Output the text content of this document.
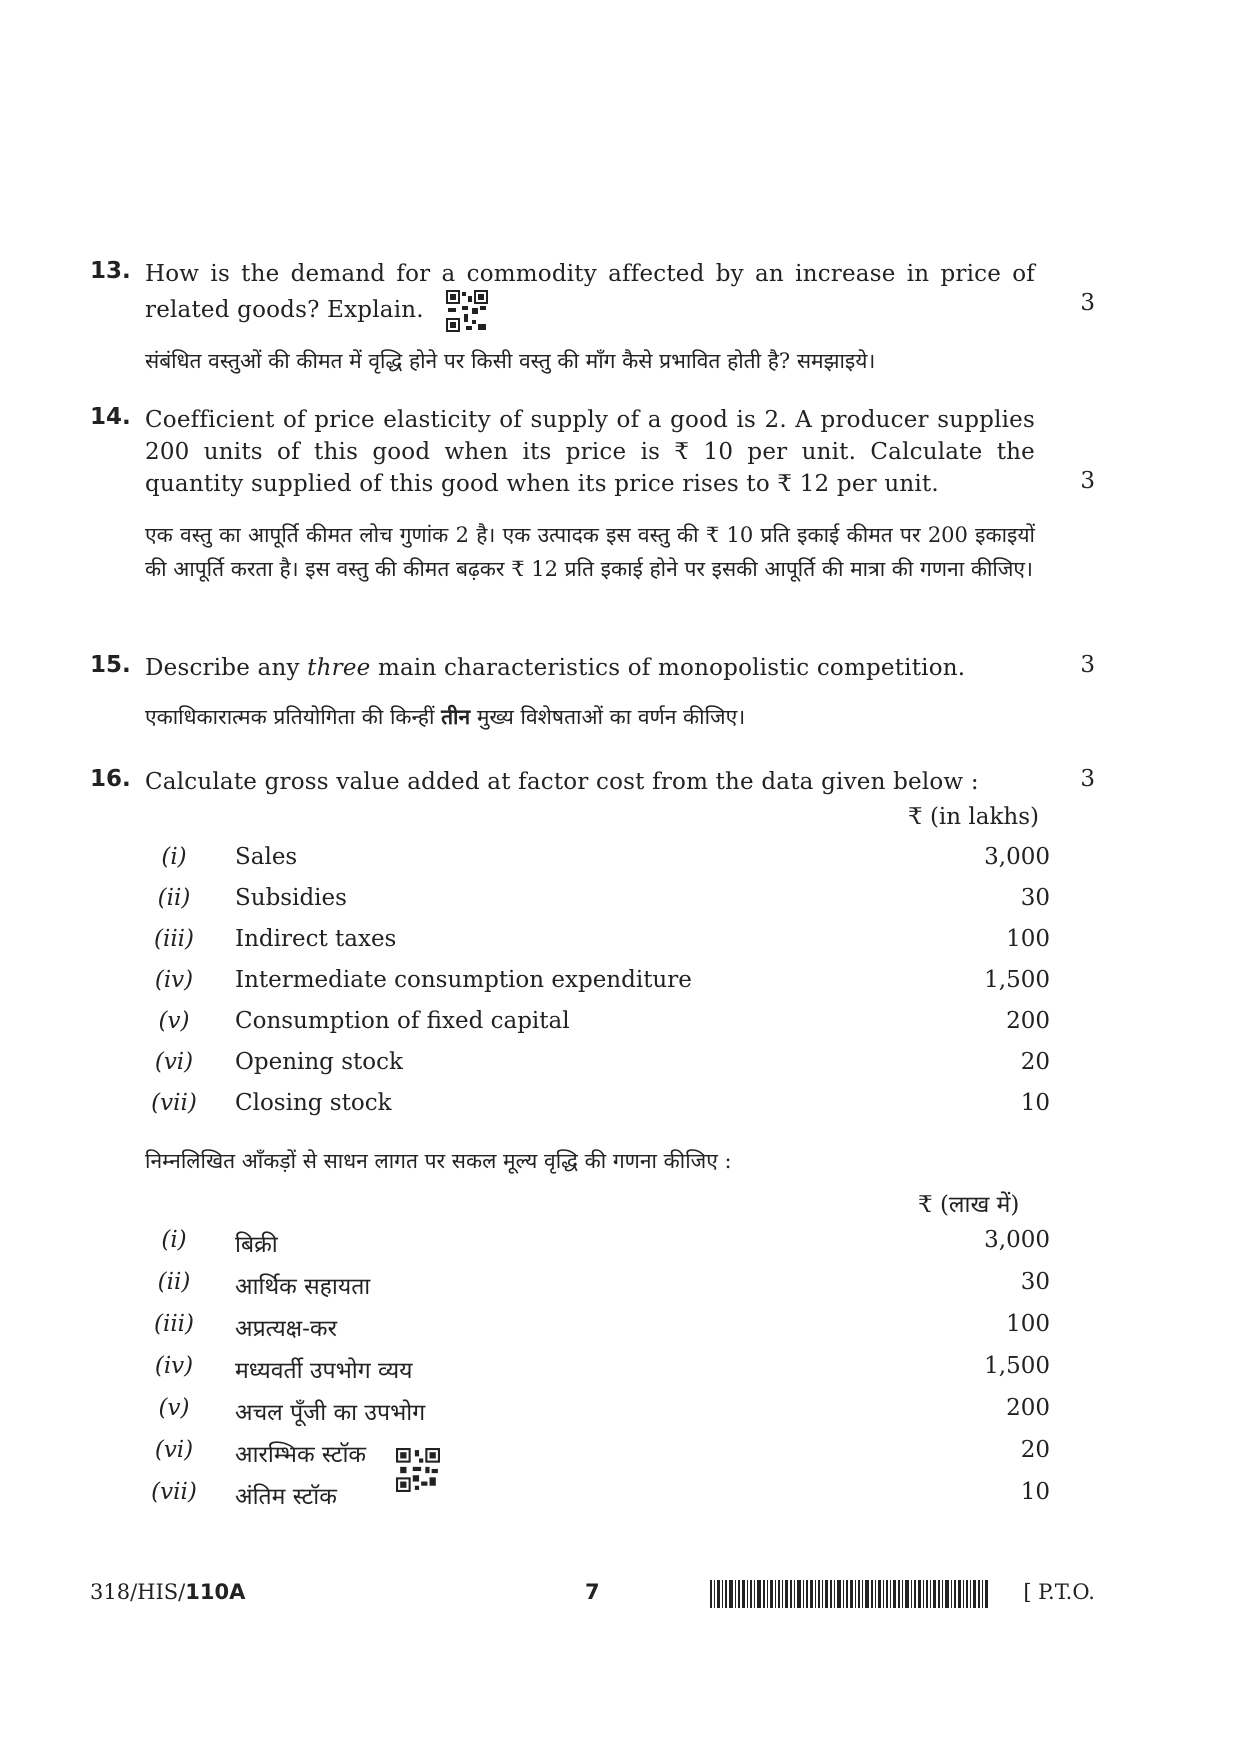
13. How is the demand for a commodity affected by an increase in price of related goods? Explain.
संबंधित वस्तुओं की कीमत में वृद्धि होने पर किसी वस्तु की माँग कैसे प्रभावित होती है? समझाइये।
3
14. Coefficient of price elasticity of supply of a good is 2. A producer supplies 200 units of this good when its price is ₹ 10 per unit. Calculate the quantity supplied of this good when its price rises to ₹ 12 per unit.
एक वस्तु का आपूर्ति कीमत लोच गुणांक 2 है। एक उत्पादक इस वस्तु की ₹ 10 प्रति इकाई कीमत पर 200 इकाइयों की आपूर्ति करता है। इस वस्तु की कीमत बढ़कर ₹ 12 प्रति इकाई होने पर इसकी आपूर्ति की मात्रा की गणना कीजिए।
3
15. Describe any three main characteristics of monopolistic competition.
एकाधिकारात्मक प्रतियोगिता की किन्हीं तीन मुख्य विशेषताओं का वर्णन कीजिए।
3
16. Calculate gross value added at factor cost from the data given below :	3
₹ (in lakhs)
(i)	Sales	3,000
(ii)	Subsidies	30
(iii) Indirect taxes	100
(iv) Intermediate consumption expenditure	1,500
(v)	Consumption of fixed capital	200
(vi) Opening stock	20
(vii) Closing stock	10
निम्नलिखित आँकड़ों से साधन लागत पर सकल मूल्य वृद्धि की गणना कीजिए :
₹ (लाख में)
(i)	बिक्री	3,000
(ii)	आर्थिक सहायता	30
(iii) अप्रत्यक्ष-कर	100
(iv) मध्यवर्ती उपभोग व्यय	1,500
(v)	अचल पूँजी का उपभोग	200
(vi) आरम्भिक स्टॉक	20
(vii) अंतिम स्टॉक	10
318/HIS/110A	7	[ P.T.O.
